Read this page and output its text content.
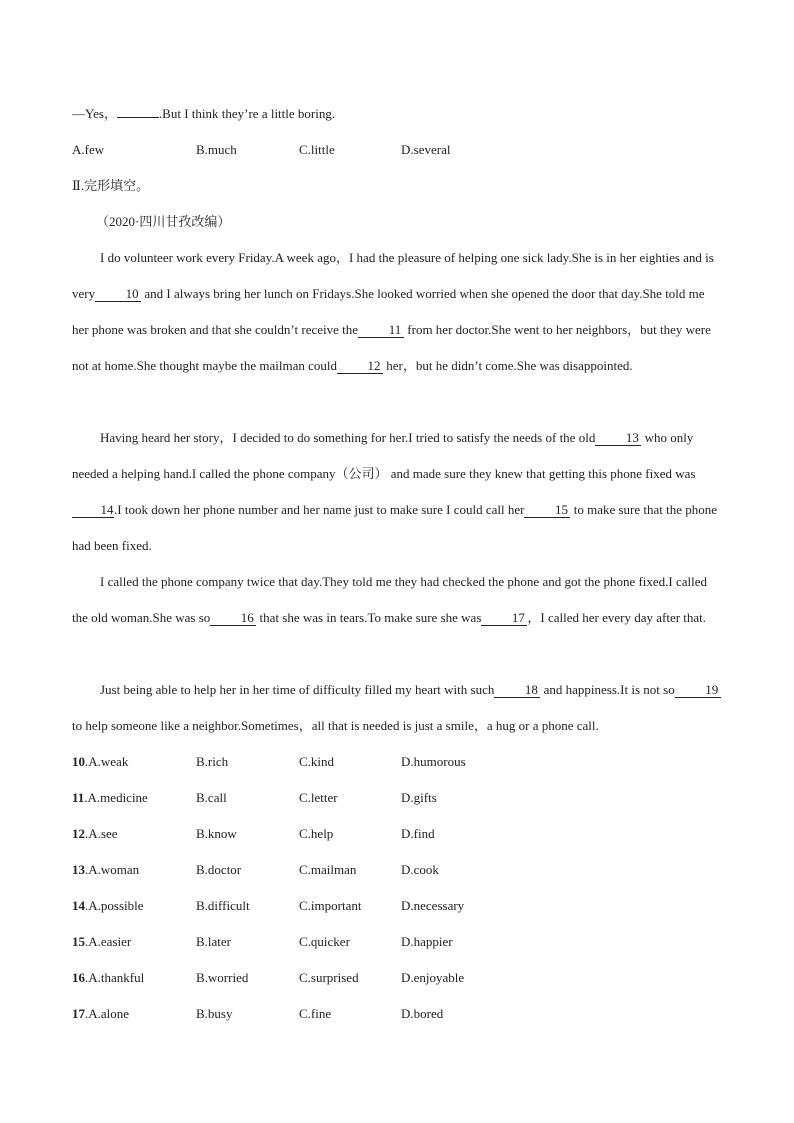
—Yes，	.But I think they’re a little boring.
A.few	B.much	C.little	D.several
Ⅱ.完形填空。
（2020·四川甘孜改编）

I do volunteer work every Friday.A week ago，I had the pleasure of helping one sick lady.She is in her eighties and is very 10 and I always bring her lunch on Fridays.She looked worried when she opened the door that day.She told me her phone was broken and that she couldn’t receive the 11 from her doctor.She went to her neighbors，but they were not at home.She thought maybe the mailman could 12 her，but he didn’t come.She was disappointed.

Having heard her story，I decided to do something for her.I tried to satisfy the needs of the old 13 who only needed a helping hand.I called the phone company（公司） and made sure they knew that getting this phone fixed was14.I took down her phone number and her name just to make sure I could call her 15 to make sure that the phone had been fixed.

I called the phone company twice that day.They told me they had checked the phone and got the phone fixed.I called the old woman.She was so 16 that she was in tears.To make sure she was 17 ，I called her every day after that.

Just being able to help her in her time of difficulty filled my heart with such 18 and happiness.It is not so 19 to help someone like a neighbor.Sometimes，all that is needed is just a smile，a hug or a phone call.

10.A.weak	B.rich	C.kind	D.humorous
11.A.medicine	B.call	C.letter	D.gifts
12.A.see	B.know	C.help	D.find
13.A.woman	B.doctor	C.mailman	D.cook
14.A.possible	B.difficult	C.important	D.necessary
15.A.easier	B.later	C.quicker	D.happier
16.A.thankful	B.worried	C.surprised	D.enjoyable
17.A.alone	B.busy	C.fine	D.bored
